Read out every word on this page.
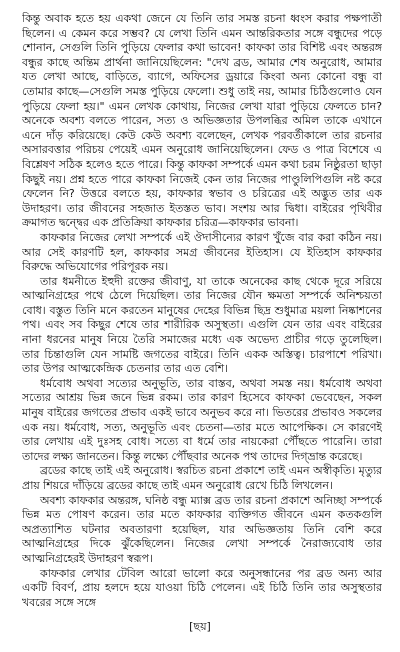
কিন্তু অবাক হতে হয় একথা জেনে যে তিনি তার সমস্ত রচনা ধ্বংস করার পক্ষপাতী ছিলেন। এ কেমন করে সম্ভব? যে লেখা তিনি এমন আন্তরিকতার সঙ্গে বন্ধুদের পড়ে শোনান, সেগুলি তিনি পুড়িয়ে ফেলার কথা ভাবেন! কাফকা তার বিশিষ্ট এবং অন্তরঙ্গ বন্ধুর কাছে অন্তিম প্রার্থনা জানিয়েছিলেন: "দেখ ব্রড, আমার শেষ অনুরোধ, আমার যত লেখা আছে, বাড়িতে, ব্যাগে, অফিসের ড্রয়ারে কিংবা অন্য কোনো বন্ধু বা তোমার কাছে—সেগুলি সমস্ত পুড়িয়ে ফেলো। শুধু তাই নয়, আমার চিঠিগুলোও যেন পুড়িয়ে ফেলা হয়।" এমন লেখক কোথায়, নিজের লেখা যারা পুড়িয়ে ফেলতে চান? অনেকে অবশ্য বলতে পারেন, সত্য ও অভিজ্ঞতার উপলব্ধির অমিল তাকে এখানে এনে দাঁড় করিয়েছে। কেউ কেউ অবশ্য বলেছেন, লেখক পরবর্তীকালে তার রচনার অসারবত্তার পরিচয় পেয়েই এমন অনুরোধ জানিয়েছিলেন। ফেড ও পাত্র বিশেষে এ বিশ্লেষণ সঠিক হলেও হতে পারে। কিন্তু কাফকা সম্পর্কে এমন কথা চরম নিষ্ঠুরতা ছাড়া কিছুই নয়। প্রশ্ন হতে পারে কাফকা নিজেই কেন তার নিজের পাণ্ডুলিপিগুলি নষ্ট করে ফেলেন নি? উত্তরে বলতে হয়, কাফকার স্বভাব ও চরিত্রের এই অদ্ভুত তার এক উদাহরণ। তার জীবনের সহজাত ইতস্তত ভাব। সংশয় আর দ্বিধা। বাইরের পৃথিবীর ক্রমাগত দ্বন্দ্বের এক প্রতিক্রিয়া কাফকার চরিত্র—কাফকার ভাবনা।

কাফকার নিজের লেখা সম্পর্কে এই ঔদাসীন্যের কারণ খুঁজে বার করা কঠিন নয়। আর সেই কারণটি হল, কাফকার সমগ্র জীবনের ইতিহাস। যে ইতিহাস কাফকার বিরুদ্ধে অভিযোগের পরিপূরক নয়।

তার ধমনীতে ইহুদী রক্তের জীবাণু, যা তাকে অনেকের কাছ থেকে দূরে সরিয়ে আত্মনিগ্রহের পথে ঠেলে দিয়েছিল। তার নিজের যৌন ক্ষমতা সম্পর্কে অনিশ্চয়তা বোধ। বস্তুত তিনি মনে করতেন মানুষের দেহের বিভিন্ন ছিদ্র শুধুমাত্র ময়লা নিষ্কাশনের পথ। এবং সব কিছুর শেষে তার শারীরিক অসুস্থতা। এগুলি যেন তার এবং বাইরের নানা ধরনের মানুষ নিয়ে তৈরি সমাজের মধ্যে এক অভেদ্য প্রাচীর গড়ে তুলেছিল। তার চিন্তাগুলি যেন সামষ্টি জগতের বাইরে। তিনি একক অস্তিত্ব। চারপাশে পরিখা। তার উপর আত্মকেন্দ্রিক চেতনার তার এত বেশি।

ধর্মবোধ অথবা সত্যের অনুভূতি, তার বাস্তব, অথবা সমস্ত নয়। ধর্মবোধ অথবা সত্যের আশ্রয় ভিন্ন জনে ভিন্ন রকম। তার কারণ হিসেবে কাফকা ভেবেছেন, সকল মানুষ বাইরের জগতের প্রভাব একই ভাবে অনুভব করে না। ভিতরের প্রভাবও সকলের এক নয়। ধর্মবোধ, সত্য, অনুভূতি এবং চেতনা—তার মতে আপেক্ষিক। সে কারণেই তার লেখায় এই দুঃসহ বোধ। সত্যে বা ধর্মে তার নায়কেরা পৌঁছতে পারেনি। তারা তাদের লক্ষ্য জানতেন। কিন্তু লক্ষ্যে পৌঁছবার অনেক পথ তাদের দিগ্‌ভ্রান্ত করেছে।

ব্রডের কাছে তাই এই অনুরোধ। স্বরচিত রচনা প্রকাশে তাই এমন অস্বীকৃতি। মৃত্যুর প্রায় শিয়রে দাঁড়িয়ে ব্রডের কাছে তাই এমন অনুরোধ রেখে চিঠি লিখলেন।

অবশ্য কাফকার অন্তরঙ্গ, ঘনিষ্ঠ বন্ধু ম্যাক্স ব্রড তার রচনা প্রকাশে অনিচ্ছা সম্পর্কে ভিন্ন মত পোষণ করেন। তার মতে কাফকার ব্যক্তিগত জীবনে এমন কতকগুলি অপ্রত্যাশিত ঘটনার অবতারণা হয়েছিল, যার অভিজ্ঞতায় তিনি বেশি করে আত্মনিগ্রহের দিকে ঝুঁকেছিলেন। নিজের লেখা সম্পর্কে নৈরাজ্যবোধ তার আত্মনিগ্রহেরই উদাহরণ স্বরূপ।

কাফকার লেখার টেবিল আরো ভালো করে অনুসন্ধানের পর ব্রড অন্য আর একটি বিবর্ণ, প্রায় হলদে হয়ে যাওয়া চিঠি পেলেন। এই চিঠি তিনি তার অসুস্থতার খবরের সঙ্গে সঙ্গে

[ছয়]
